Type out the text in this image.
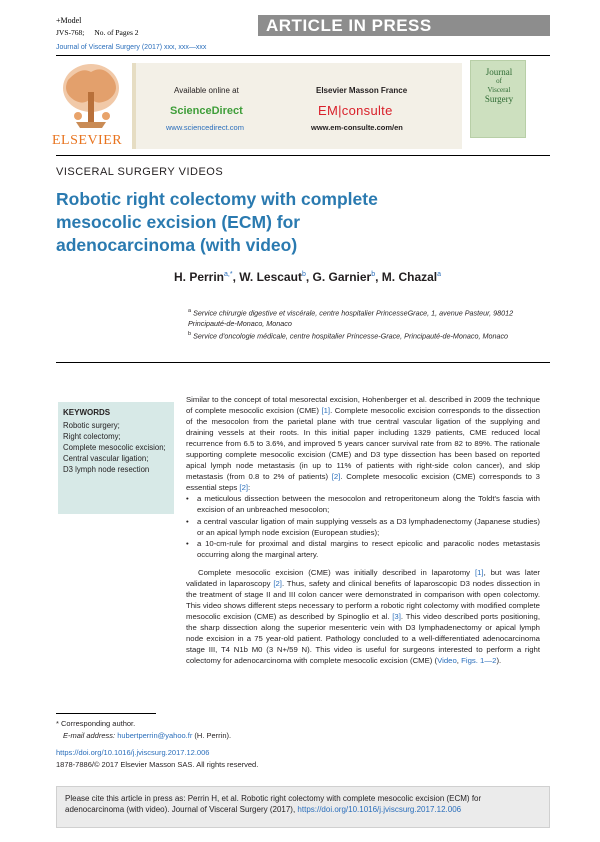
+Model
JVS-768; No. of Pages 2	ARTICLE IN PRESS
Journal of Visceral Surgery (2017) xxx, xxx—xxx
ELSEVIER
Available online at
ScienceDirect
www.sciencedirect.com
Elsevier Masson France
EM|consulte
www.em-consulte.com/en
Journal
of
Visceral
Surgery
VISCERAL SURGERY VIDEOS
Robotic right colectomy with complete mesocolic excision (ECM) for adenocarcinoma (with video)
H. Perrin$^{a,*}$, W. Lescaut$^b$, G. Garnier$^b$, M. Chazal$^a$
$^a$ Service chirurgie digestive et viscérale, centre hospitalier PrincesseGrace, 1, avenue Pasteur, 98012 Principauté-de-Monaco, Monaco
$^b$ Service d'oncologie médicale, centre hospitalier Princesse-Grace, Principauté-de-Monaco, Monaco
KEYWORDS
Robotic surgery;
Right colectomy;
Complete mesocolic excision;
Central vascular ligation;
D3 lymph node resection

Similar to the concept of total mesorectal excision, Hohenberger et al. described in 2009 the technique of complete mesocolic excision (CME) [1]. Complete mesocolic excision corresponds to the dissection of the mesocolon from the parietal plane with true central vascular ligation of the supplying and draining vessels at their roots. In this initial paper including 1329 patients, CME reduced local recurrence from 6.5 to 3.6%, and improved 5 years cancer survival rate from 82 to 89%. The rationale supporting complete mesocolic excision (CME) and D3 type dissection has been based on reported apical lymph node metastasis (in up to 11% of patients with right-side colon cancer), and skip metastasis (from 0.8 to 2% of patients) [2]. Complete mesocolic excision (CME) corresponds to 3 essential steps [2]:

• a meticulous dissection between the mesocolon and retroperitoneum along the Toldt's fascia with excision of an unbreached mesocolon;
• a central vascular ligation of main supplying vessels as a D3 lymphadenectomy (Japanese studies) or an apical lymph node excision (European studies);
• a 10-cm-rule for proximal and distal margins to resect epicolic and paracolic nodes metastasis occurring along the marginal artery.

Complete mesocolic excision (CME) was initially described in laparotomy [1], but was later validated in laparoscopy [2]. Thus, safety and clinical benefits of laparoscopic D3 nodes dissection in the treatment of stage II and III colon cancer were demonstrated in comparison with open colectomy. This video shows different steps necessary to perform a robotic right colectomy with modified complete mesocolic excision (CME) as described by Spinoglio et al. [3]. This video described ports positioning, the sharp dissection along the superior mesenteric vein with D3 lymphadenectomy or apical lymph node excision in a 75 year-old patient. Pathology concluded to a well-differentiated adenocarcinoma stage III, T4 N1b M0 (3 N+/59 N). This video is useful for surgeons interested to perform a right colectomy for adenocarcinoma with complete mesocolic excision (CME) (Video, Figs. 1—2).

* Corresponding author.
E-mail address: hubertperrin@yahoo.fr (H. Perrin).
https://doi.org/10.1016/j.jviscsurg.2017.12.006
1878-7886/© 2017 Elsevier Masson SAS. All rights reserved.
Please cite this article in press as: Perrin H, et al. Robotic right colectomy with complete mesocolic excision (ECM) for adenocarcinoma (with video). Journal of Visceral Surgery (2017), https://doi.org/10.1016/j.jviscsurg.2017.12.006
